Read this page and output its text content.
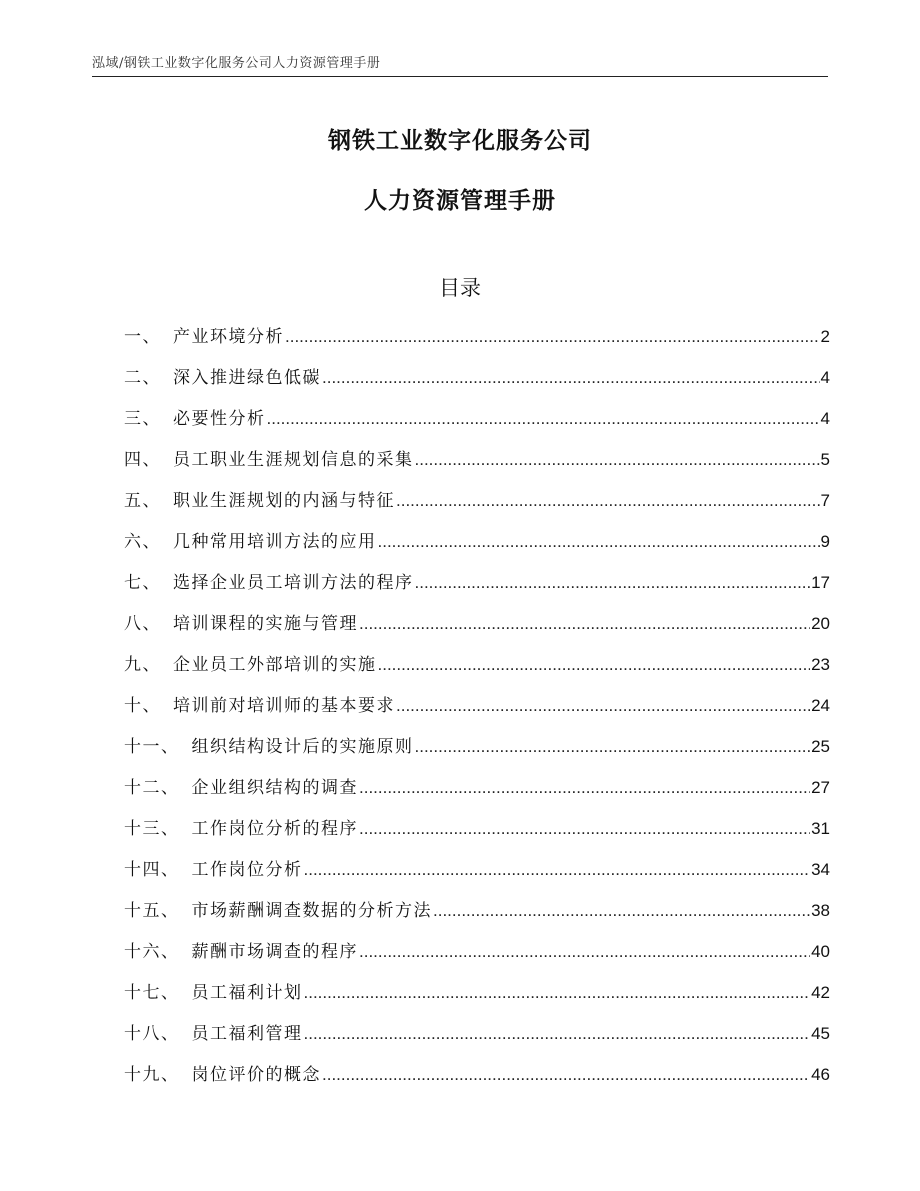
泓域/钢铁工业数字化服务公司人力资源管理手册
钢铁工业数字化服务公司
人力资源管理手册
目录
一、 产业环境分析 .....	2
二、 深入推进绿色低碳 .....	4
三、 必要性分析 .....	4
四、 员工职业生涯规划信息的采集 .....	5
五、 职业生涯规划的内涵与特征 .....	7
六、 几种常用培训方法的应用 .....	9
七、 选择企业员工培训方法的程序 .....	17
八、 培训课程的实施与管理 .....	20
九、 企业员工外部培训的实施 .....	23
十、 培训前对培训师的基本要求 .....	24
十一、 组织结构设计后的实施原则 .....	25
十二、 企业组织结构的调查 .....	27
十三、 工作岗位分析的程序 .....	31
十四、 工作岗位分析 .....	34
十五、 市场薪酬调查数据的分析方法 .....	38
十六、 薪酬市场调查的程序 .....	40
十七、 员工福利计划 .....	42
十八、 员工福利管理 .....	45
十九、 岗位评价的概念 .....	46
